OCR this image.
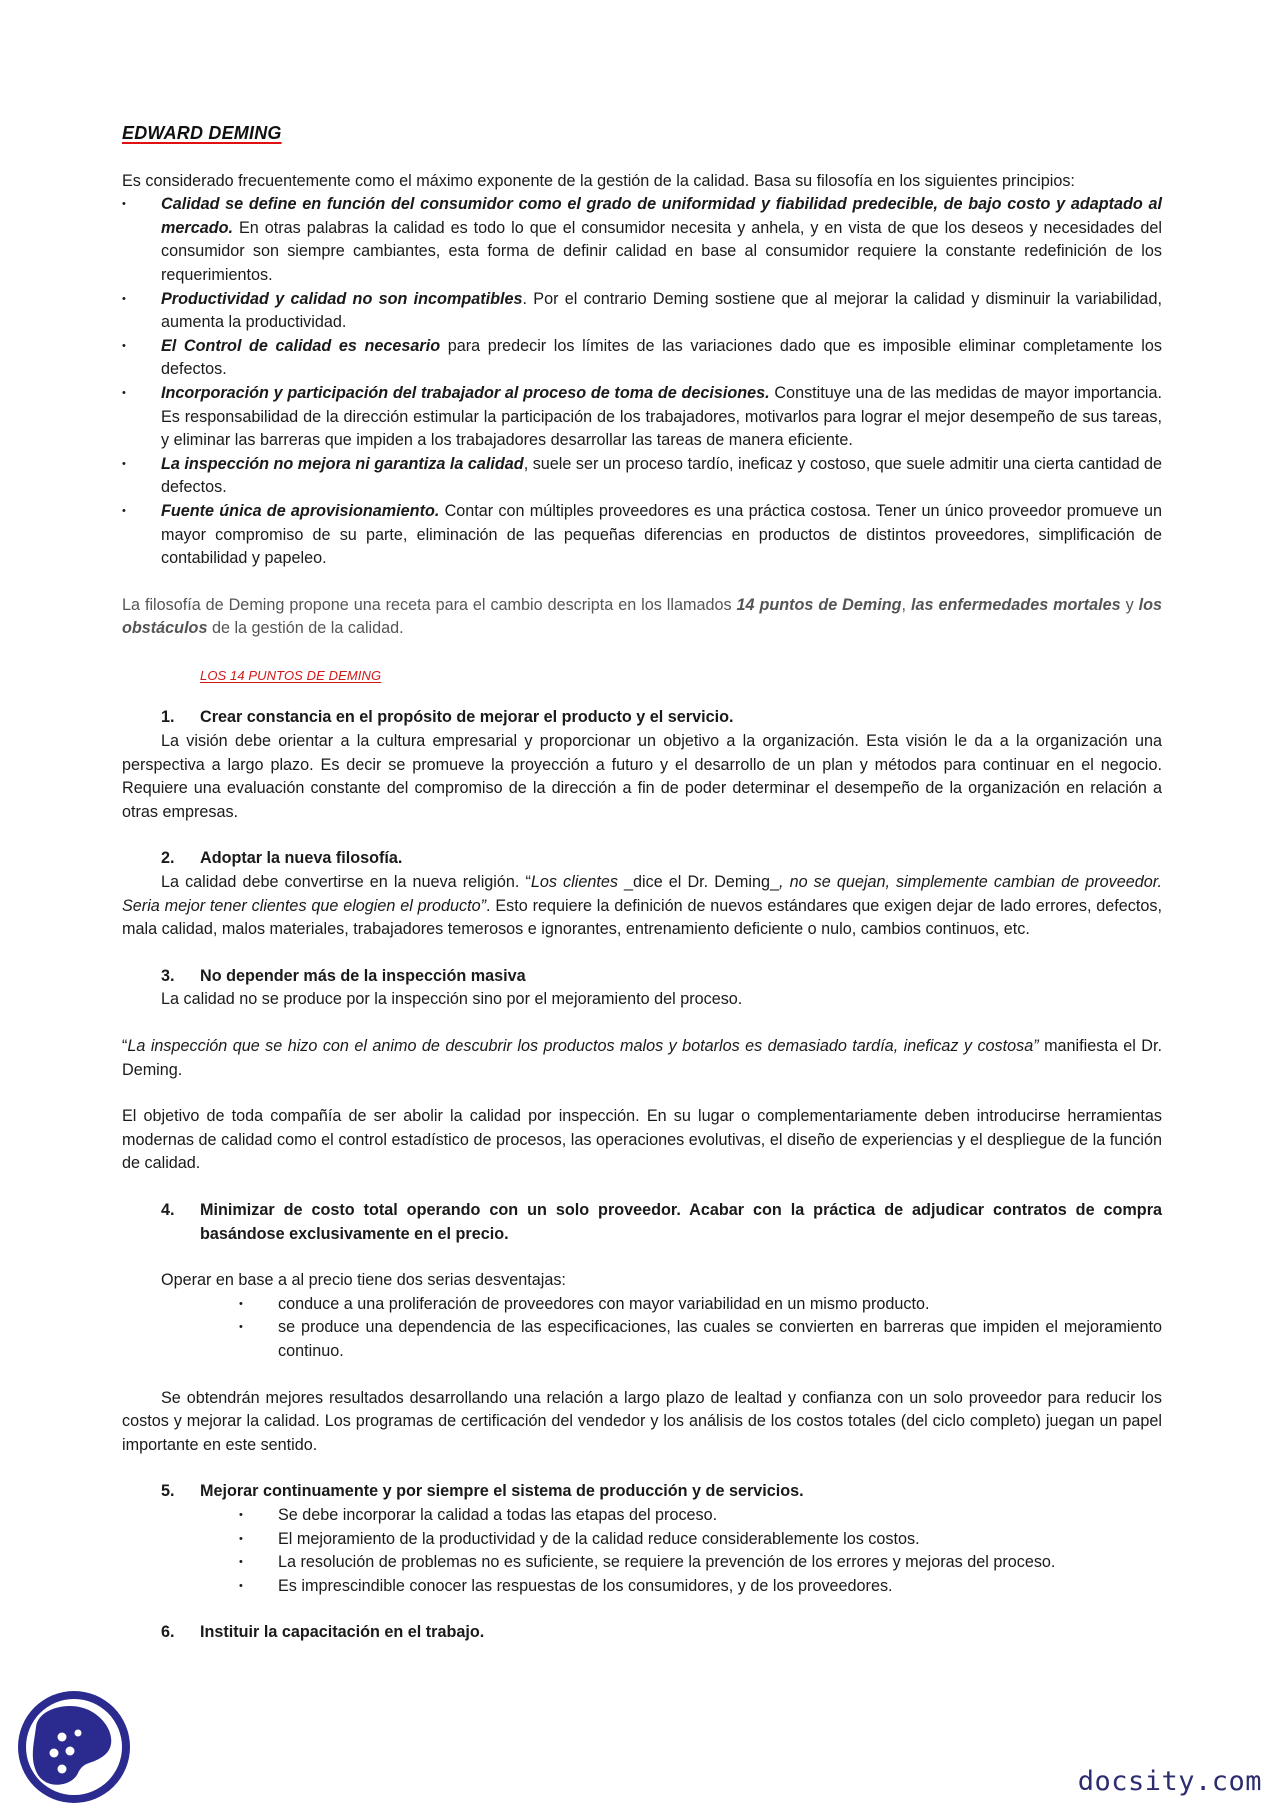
EDWARD DEMING

Es considerado frecuentemente como el máximo exponente de la gestión de la calidad. Basa su filosofía en los siguientes principios:

• Calidad se define en función del consumidor como el grado de uniformidad y fiabilidad predecible, de bajo costo y adaptado al mercado. En otras palabras la calidad es todo lo que el consumidor necesita y anhela, y en vista de que los deseos y necesidades del consumidor son siempre cambiantes, esta forma de definir calidad en base al consumidor requiere la constante redefinición de los requerimientos.
• Productividad y calidad no son incompatibles. Por el contrario Deming sostiene que al mejorar la calidad y disminuir la variabilidad, aumenta la productividad.
• El Control de calidad es necesario para predecir los límites de las variaciones dado que es imposible eliminar completamente los defectos.
• Incorporación y participación del trabajador al proceso de toma de decisiones. Constituye una de las medidas de mayor importancia. Es responsabilidad de la dirección estimular la participación de los trabajadores, motivarlos para lograr el mejor desempeño de sus tareas, y eliminar las barreras que impiden a los trabajadores desarrollar las tareas de manera eficiente.
• La inspección no mejora ni garantiza la calidad, suele ser un proceso tardío, ineficaz y costoso, que suele admitir una cierta cantidad de defectos.
• Fuente única de aprovisionamiento. Contar con múltiples proveedores es una práctica costosa. Tener un único proveedor promueve un mayor compromiso de su parte, eliminación de las pequeñas diferencias en productos de distintos proveedores, simplificación de contabilidad y papeleo.

La filosofía de Deming propone una receta para el cambio descripta en los llamados 14 puntos de Deming, las enfermedades mortales y los obstáculos de la gestión de la calidad.

LOS 14 PUNTOS DE DEMING
1.	Crear constancia en el propósito de mejorar el producto y el servicio.

La visión debe orientar a la cultura empresarial y proporcionar un objetivo a la organización. Esta visión le da a la organización una perspectiva a largo plazo. Es decir se promueve la proyección a futuro y el desarrollo de un plan y métodos para continuar en el negocio. Requiere una evaluación constante del compromiso de la dirección a fin de poder determinar el desempeño de la organización en relación a otras empresas.

2.	Adoptar la nueva filosofía.

La calidad debe convertirse en la nueva religión. “Los clientes _dice el Dr. Deming_, no se quejan, simplemente cambian de proveedor. Seria mejor tener clientes que elogien el producto”. Esto requiere la definición de nuevos estándares que exigen dejar de lado errores, defectos, mala calidad, malos materiales, trabajadores temerosos e ignorantes, entrenamiento deficiente o nulo, cambios continuos, etc.

3.	No depender más de la inspección masiva

La calidad no se produce por la inspección sino por el mejoramiento del proceso.

“La inspección que se hizo con el animo de descubrir los productos malos y botarlos es demasiado tardía, ineficaz y costosa” manifiesta el Dr. Deming.

El objetivo de toda compañía de ser abolir la calidad por inspección. En su lugar o complementariamente deben introducirse herramientas modernas de calidad como el control estadístico de procesos, las operaciones evolutivas, el diseño de experiencias y el despliegue de la función de calidad.

4.	Minimizar de costo total operando con un solo proveedor. Acabar con la práctica de adjudicar contratos de compra basándose exclusivamente en el precio.

Operar en base a al precio tiene dos serias desventajas:

• conduce a una proliferación de proveedores con mayor variabilidad en un mismo producto.
• se produce una dependencia de las especificaciones, las cuales se convierten en barreras que impiden el mejoramiento continuo.

Se obtendrán mejores resultados desarrollando una relación a largo plazo de lealtad y confianza con un solo proveedor para reducir los costos y mejorar la calidad. Los programas de certificación del vendedor y los análisis de los costos totales (del ciclo completo) juegan un papel importante en este sentido.

5.	Mejorar continuamente y por siempre el sistema de producción y de servicios.
• Se debe incorporar la calidad a todas las etapas del proceso.
• El mejoramiento de la productividad y de la calidad reduce considerablemente los costos.
• La resolución de problemas no es suficiente, se requiere la prevención de los errores y mejoras del proceso.
• Es imprescindible conocer las respuestas de los consumidores, y de los proveedores.
6.	Instituir la capacitación en el trabajo.
docsity.com
